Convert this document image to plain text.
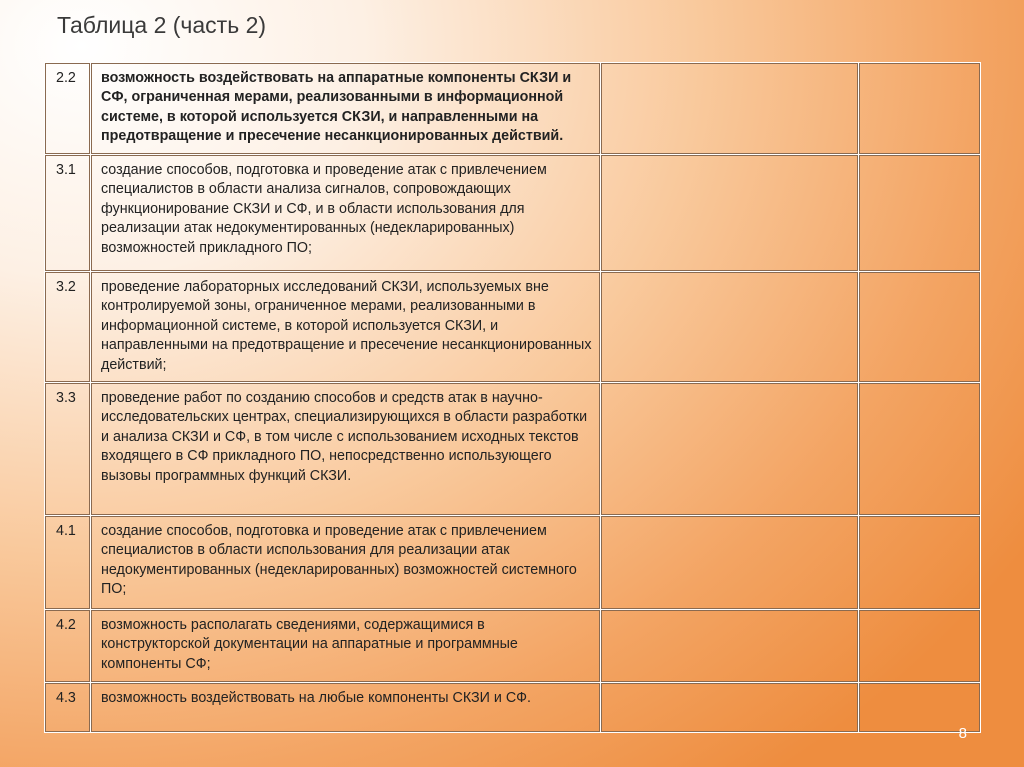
Таблица 2 (часть 2)
2.2	возможность воздействовать на аппаратные компоненты СКЗИ и СФ, ограниченная мерами, реализованными в информационной системе, в которой используется СКЗИ, и направленными на предотвращение и пресечение несанкционированных действий.		
3.1	создание способов, подготовка и проведение атак с привлечением специалистов в области анализа сигналов, сопровождающих функционирование СКЗИ и СФ, и в области использования для реализации атак недокументированных (недекларированных) возможностей прикладного ПО;		
3.2	проведение лабораторных исследований СКЗИ, используемых вне контролируемой зоны, ограниченное мерами, реализованными в информационной системе, в которой используется СКЗИ, и направленными на предотвращение и пресечение несанкционированных действий;		
3.3	проведение работ по созданию способов и средств атак в научно-исследовательских центрах, специализирующихся в области разработки и анализа СКЗИ и СФ, в том числе с использованием исходных текстов входящего в СФ прикладного ПО, непосредственно использующего вызовы программных функций СКЗИ.		
4.1	создание способов, подготовка и проведение атак с привлечением специалистов в области использования для реализации атак недокументированных (недекларированных) возможностей системного ПО;		
4.2	возможность располагать сведениями, содержащимися в конструкторской документации на аппаратные и программные компоненты СФ;		
4.3	возможность воздействовать на любые компоненты СКЗИ и СФ.		
8
